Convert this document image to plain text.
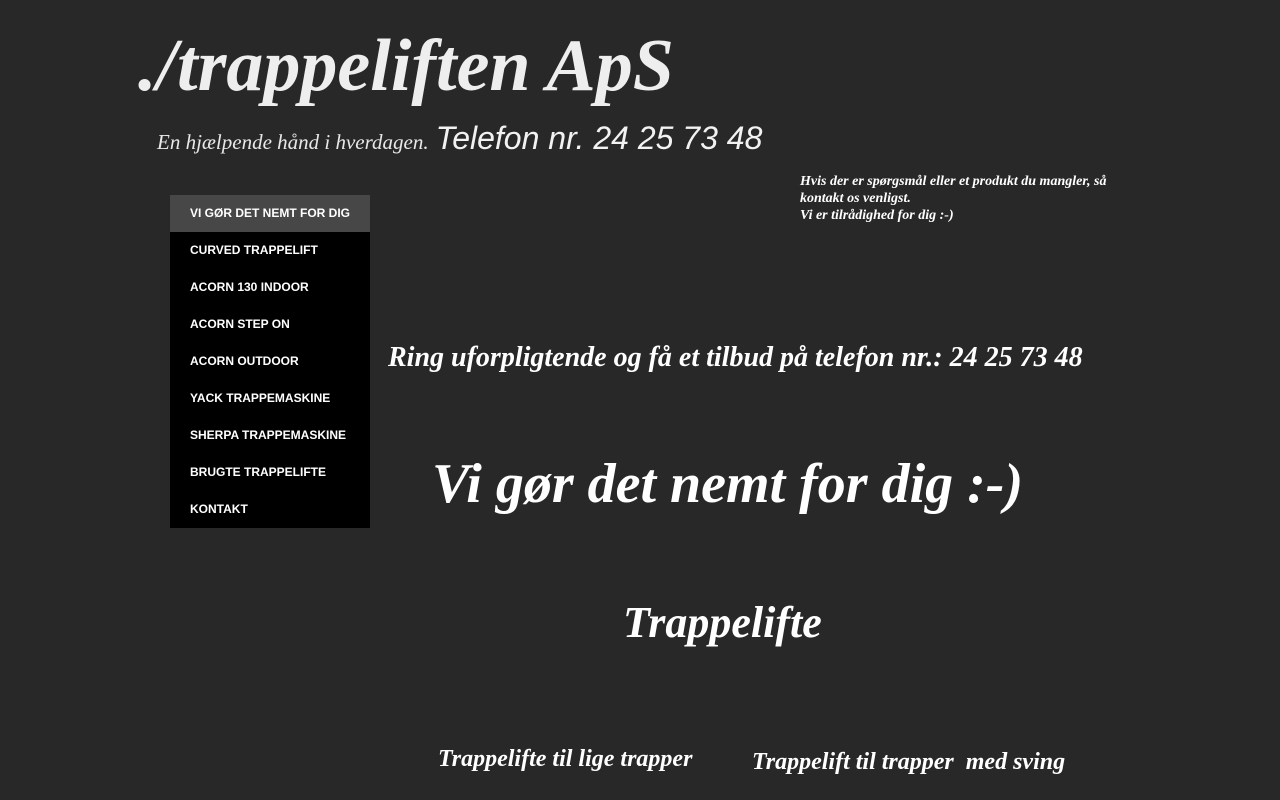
./trappeliften ApS
En hjælpende hånd i hverdagen. Telefon nr. 24 25 73 48
Hvis der er spørgsmål eller et produkt du mangler, så kontakt os venligst.
Vi er tilrådighed for dig :-)
VI GØR DET NEMT FOR DIG
CURVED TRAPPELIFT
ACORN 130 INDOOR
ACORN STEP ON
ACORN OUTDOOR
YACK TRAPPEMASKINE
SHERPA TRAPPEMASKINE
BRUGTE TRAPPELIFTE
KONTAKT
Ring uforpligtende og få et tilbud på telefon nr.: 24 25 73 48
Vi gør det nemt for dig :-)
Trappelifte
Trappelifte til lige trapper Trappelift til trapper  med sving
